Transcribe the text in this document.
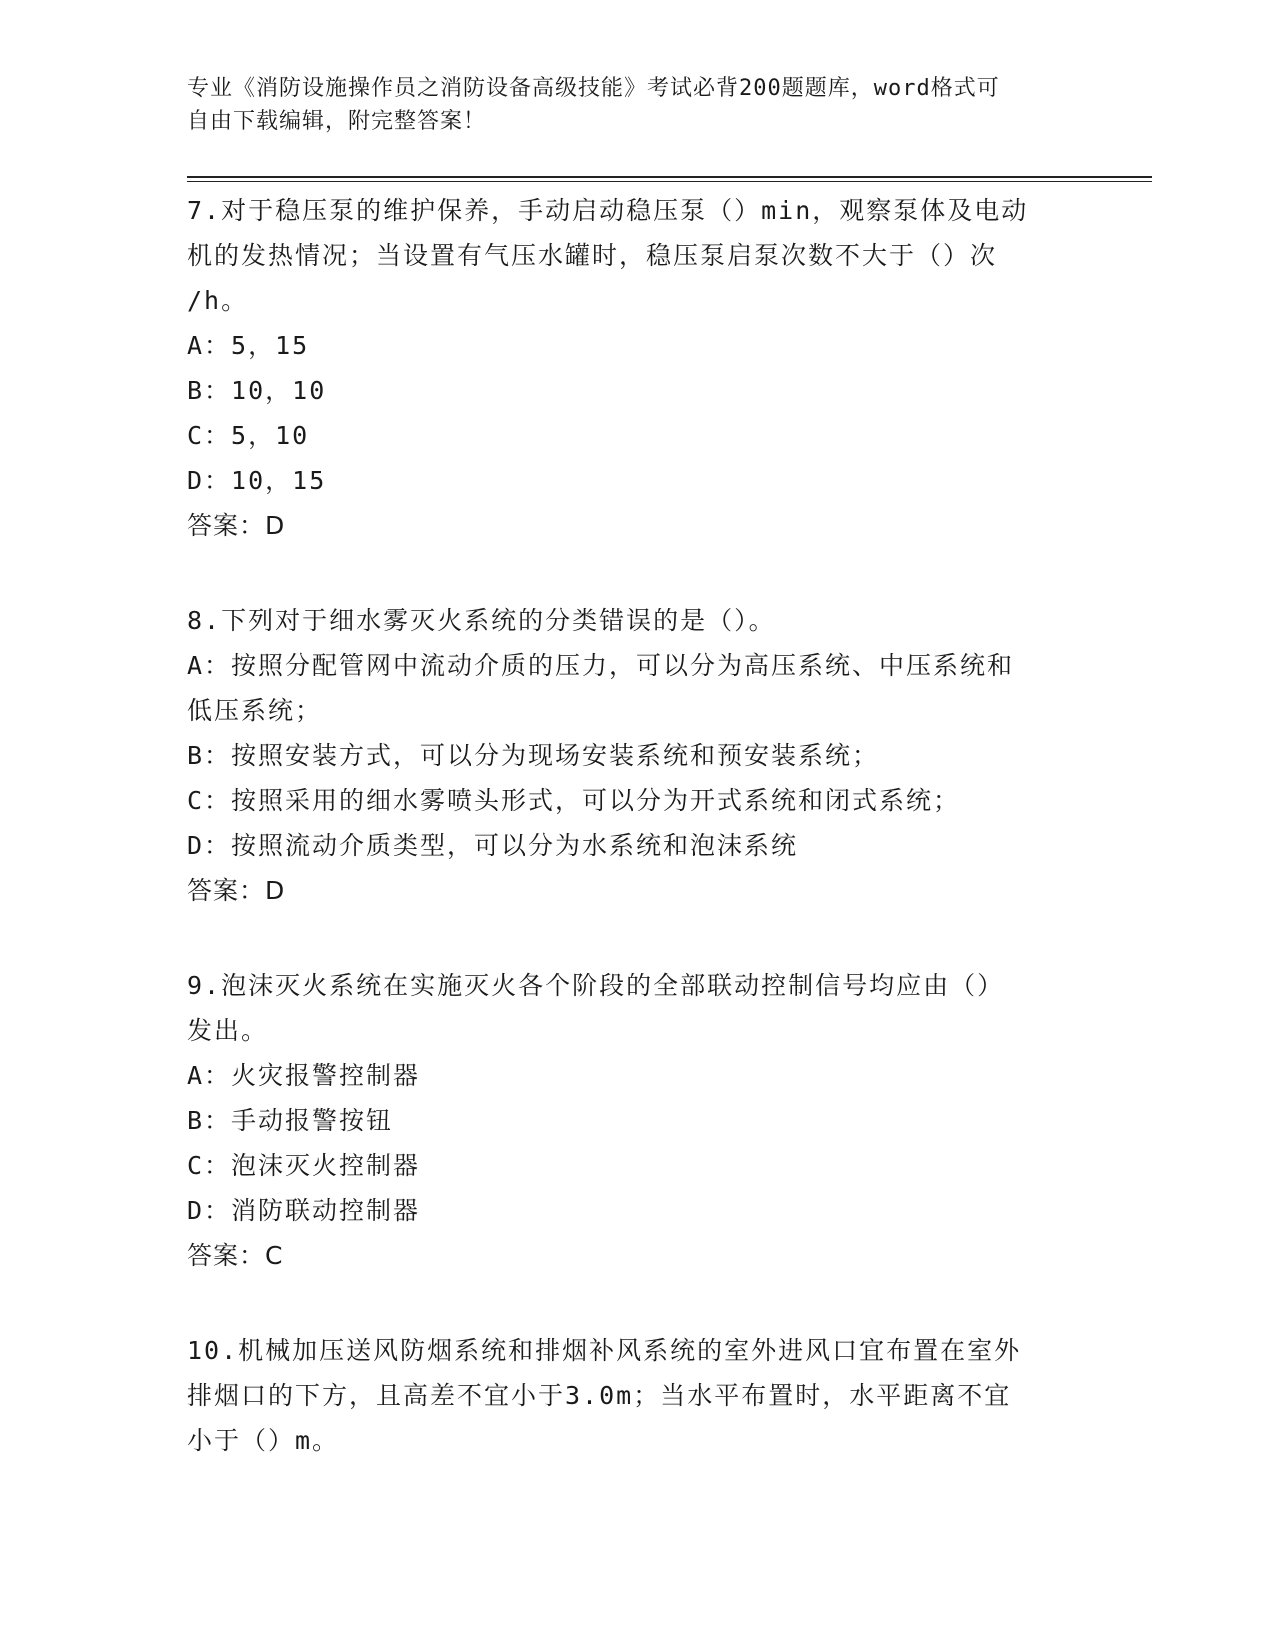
专业《消防设施操作员之消防设备高级技能》考试必背200题题库，word格式可
自由下载编辑，附完整答案！
7.对于稳压泵的维护保养，手动启动稳压泵（）min，观察泵体及电动
机的发热情况；当设置有气压水罐时，稳压泵启泵次数不大于（）次
/h。
A：5，15
B：10，10
C：5，10
D：10，15
答案：D
8.下列对于细水雾灭火系统的分类错误的是（）。
A：按照分配管网中流动介质的压力，可以分为高压系统、中压系统和
低压系统；
B：按照安装方式，可以分为现场安装系统和预安装系统；
C：按照采用的细水雾喷头形式，可以分为开式系统和闭式系统；
D：按照流动介质类型，可以分为水系统和泡沫系统
答案：D
9.泡沫灭火系统在实施灭火各个阶段的全部联动控制信号均应由（）
发出。
A：火灾报警控制器
B：手动报警按钮
C：泡沫灭火控制器
D：消防联动控制器
答案：C
10.机械加压送风防烟系统和排烟补风系统的室外进风口宜布置在室外
排烟口的下方，且高差不宜小于3.0m；当水平布置时，水平距离不宜
小于（）m。
